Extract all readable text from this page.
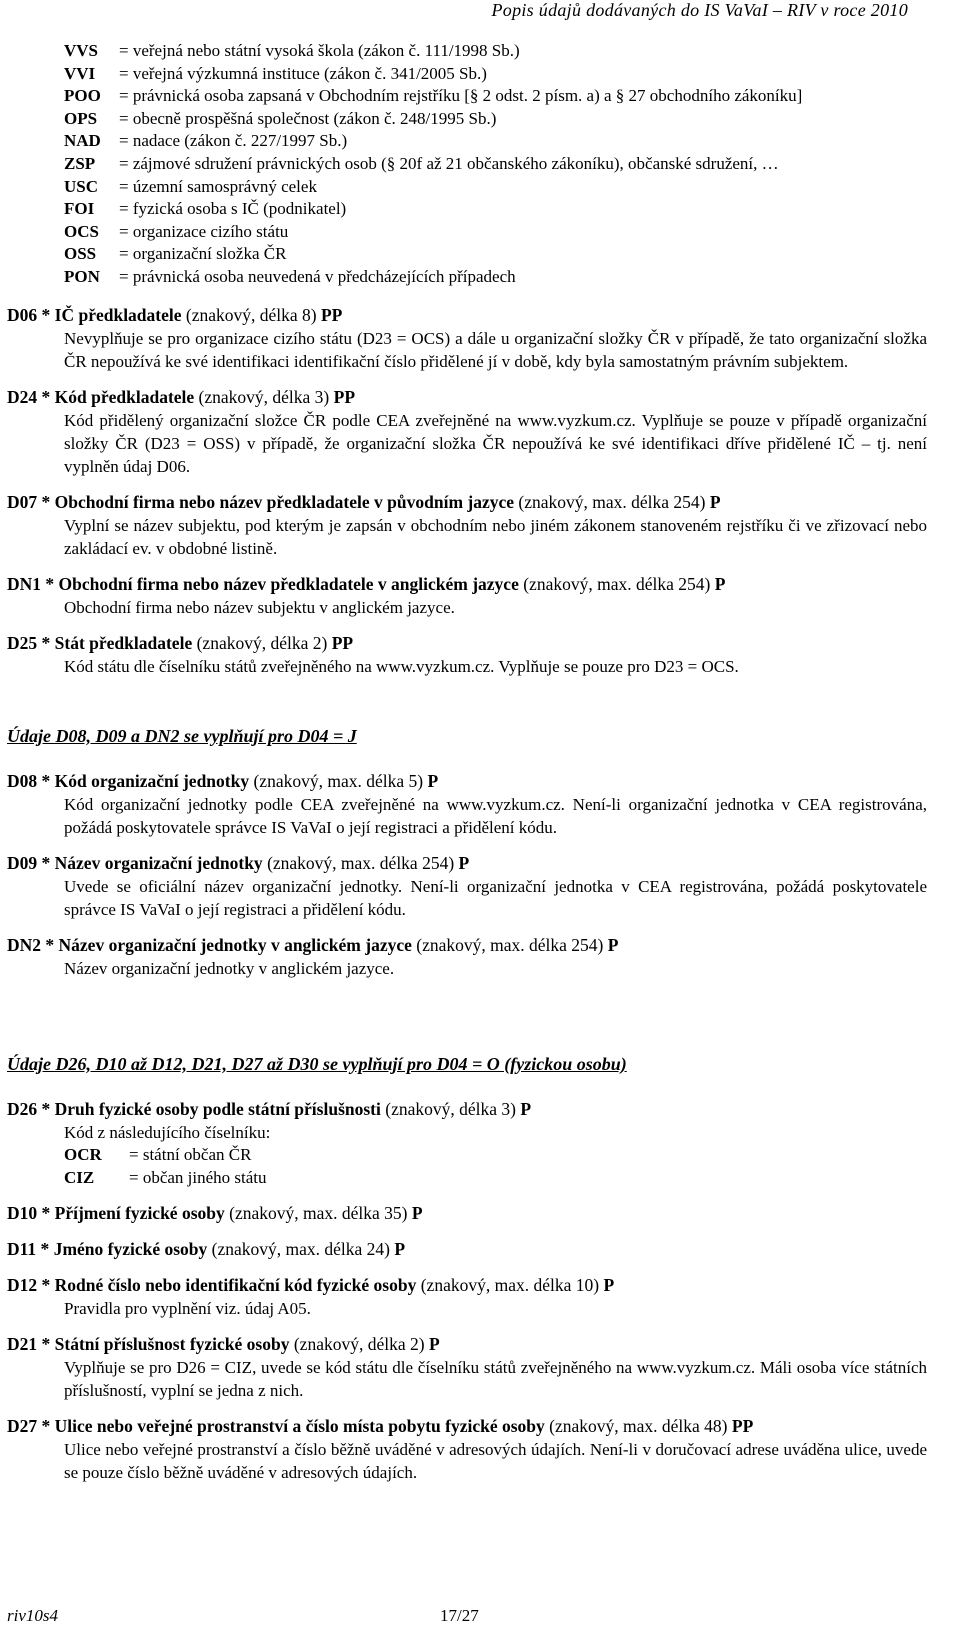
Popis údajů dodávaných do IS VaVaI – RIV v roce 2010
VVS = veřejná nebo státní vysoká škola (zákon č. 111/1998 Sb.)
VVI = veřejná výzkumná instituce (zákon č. 341/2005 Sb.)
POO = právnická osoba zapsaná v Obchodním rejstříku [§ 2 odst. 2 písm. a) a § 27 obchodního zákoníku]
OPS = obecně prospěšná společnost (zákon č. 248/1995 Sb.)
NAD = nadace (zákon č. 227/1997 Sb.)
ZSP = zájmové sdružení právnických osob (§ 20f až 21 občanského zákoníku), občanské sdružení, …
USC = územní samosprávný celek
FOI = fyzická osoba s IČ (podnikatel)
OCS = organizace cizího státu
OSS = organizační složka ČR
PON = právnická osoba neuvedená v předcházejících případech
D06 * IČ předkladatele (znakový, délka 8) PP
Nevyplňuje se pro organizace cizího státu (D23 = OCS) a dále u organizační složky ČR v případě, že tato organizační složka ČR nepoužívá ke své identifikaci identifikační číslo přidělené jí v době, kdy byla samostatným právním subjektem.
D24 * Kód předkladatele (znakový, délka 3) PP
Kód přidělený organizační složce ČR podle CEA zveřejněné na www.vyzkum.cz. Vyplňuje se pouze v případě organizační složky ČR (D23 = OSS) v případě, že organizační složka ČR nepoužívá ke své identifikaci dříve přidělené IČ – tj. není vyplněn údaj D06.
D07 * Obchodní firma nebo název předkladatele v původním jazyce (znakový, max. délka 254) P
Vyplní se název subjektu, pod kterým je zapsán v obchodním nebo jiném zákonem stanoveném rejstříku či ve zřizovací nebo zakládací ev. v obdobné listině.
DN1 * Obchodní firma nebo název předkladatele v anglickém jazyce (znakový, max. délka 254) P
Obchodní firma nebo název subjektu v anglickém jazyce.
D25 * Stát předkladatele (znakový, délka 2) PP
Kód státu dle číselníku států zveřejněného na www.vyzkum.cz. Vyplňuje se pouze pro D23 = OCS.
Údaje D08, D09 a DN2 se vyplňují pro D04 = J
D08 * Kód organizační jednotky (znakový, max. délka 5) P
Kód organizační jednotky podle CEA zveřejněné na www.vyzkum.cz. Není-li organizační jednotka v CEA registrována, požádá poskytovatele správce IS VaVaI o její registraci a přidělení kódu.
D09 * Název organizační jednotky (znakový, max. délka 254) P
Uvede se oficiální název organizační jednotky. Není-li organizační jednotka v CEA registrována, požádá poskytovatele správce IS VaVaI o její registraci a přidělení kódu.
DN2 * Název organizační jednotky v anglickém jazyce (znakový, max. délka 254) P
Název organizační jednotky v anglickém jazyce.
Údaje D26, D10 až D12, D21, D27 až D30 se vyplňují pro D04 = O (fyzickou osobu)
D26 * Druh fyzické osoby podle státní příslušnosti (znakový, délka 3) P
Kód z následujícího číselníku:
OCR = státní občan ČR
CIZ = občan jiného státu
D10 * Příjmení fyzické osoby (znakový, max. délka 35) P
D11 * Jméno fyzické osoby (znakový, max. délka 24) P
D12 * Rodné číslo nebo identifikační kód fyzické osoby (znakový, max. délka 10) P
Pravidla pro vyplnění viz. údaj A05.
D21 * Státní příslušnost fyzické osoby (znakový, délka 2) P
Vyplňuje se pro D26 = CIZ, uvede se kód státu dle číselníku států zveřejněného na www.vyzkum.cz. Máli osoba více státních příslušností, vyplní se jedna z nich.
D27 * Ulice nebo veřejné prostranství a číslo místa pobytu fyzické osoby (znakový, max. délka 48) PP
Ulice nebo veřejné prostranství a číslo běžně uváděné v adresových údajích. Není-li v doručovací adrese uváděna ulice, uvede se pouze číslo běžně uváděné v adresových údajích.
riv10s4	17/27
